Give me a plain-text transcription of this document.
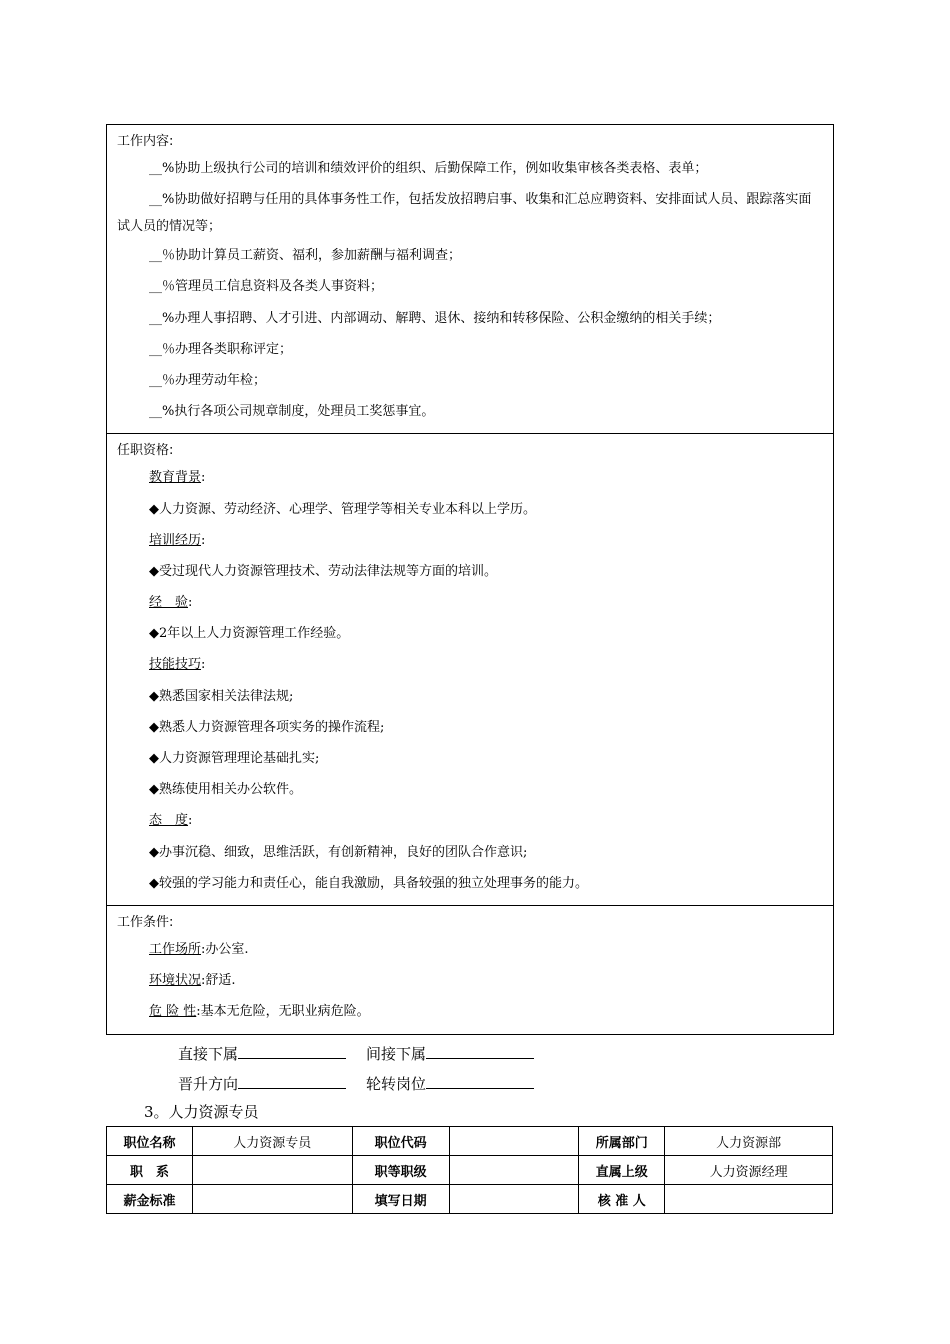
工作内容:
__%协助上级执行公司的培训和绩效评价的组织、后勤保障工作，例如收集审核各类表格、表单；
__%协助做好招聘与任用的具体事务性工作，包括发放招聘启事、收集和汇总应聘资料、安排面试人员、跟踪落实面试人员的情况等；
__％协助计算员工薪资、福利，参加薪酬与福利调查；
__％管理员工信息资料及各类人事资料；
__%办理人事招聘、人才引进、内部调动、解聘、退休、接纳和转移保险、公积金缴纳的相关手续；
__％办理各类职称评定；
__％办理劳动年检；
__%执行各项公司规章制度，处理员工奖惩事宜。
任职资格:
教育背景:
◆人力资源、劳动经济、心理学、管理学等相关专业本科以上学历。
培训经历:
◆受过现代人力资源管理技术、劳动法律法规等方面的培训。
经　验:
◆2年以上人力资源管理工作经验。
技能技巧:
◆熟悉国家相关法律法规;
◆熟悉人力资源管理各项实务的操作流程;
◆人力资源管理理论基础扎实;
◆熟练使用相关办公软件。
态　度:
◆办事沉稳、细致，思维活跃，有创新精神，良好的团队合作意识;
◆较强的学习能力和责任心，能自我激励，具备较强的独立处理事务的能力。
工作条件:
工作场所:办公室.
环境状况:舒适.
危 险 性:基本无危险，无职业病危险。
直接下属	间接下属
晋升方向	轮转岗位
3。人力资源专员
职位名称	人力资源专员	职位代码		所属部门	人力资源部
职　系		职等职级		直属上级	人力资源经理
薪金标准		填写日期		核 准 人	
